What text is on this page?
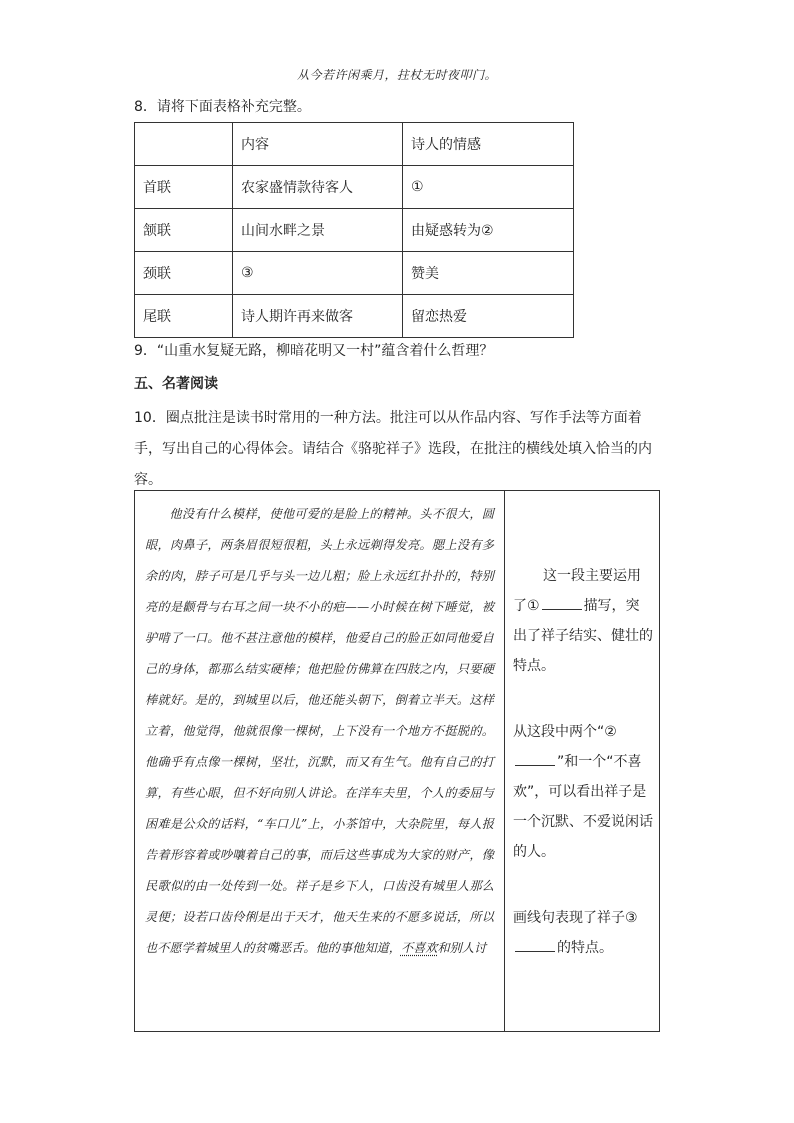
从今若许闲乘月，拄杖无时夜叩门。
8．请将下面表格补充完整。
	内容	诗人的情感
首联	农家盛情款待客人	①
颔联	山间水畔之景	由疑惑转为②
颈联	③	赞美
尾联	诗人期许再来做客	留恋热爱
9．“山重水复疑无路，柳暗花明又一村”蕴含着什么哲理？
五、名著阅读
10．圈点批注是读书时常用的一种方法。批注可以从作品内容、写作手法等方面着手，写出自己的心得体会。请结合《骆驼祥子》选段，在批注的横线处填入恰当的内容。
他没有什么模样，使他可爱的是脸上的精神。头不很大，圆眼，肉鼻子，两条眉很短很粗，头上永远剃得发亮。腮上没有多余的肉，脖子可是几乎与头一边儿粗；脸上永远红扑扑的，特别亮的是颧骨与右耳之间一块不小的疤——小时候在树下睡觉，被驴啃了一口。他不甚注意他的模样，他爱自己的脸正如同他爱自己的身体，都那么结实硬棒；他把脸仿佛算在四肢之内，只要硬棒就好。是的，到城里以后，他还能头朝下，倒着立半天。这样立着，他觉得，他就很像一棵树，上下没有一个地方不挺脱的。他确乎有点像一棵树，坚壮，沉默，而又有生气。他有自己的打算，有些心眼，但不好向别人讲论。在洋车夫里，个人的委屈与困难是公众的话料，“车口儿”上，小茶馆中，大杂院里，每人报告着形容着或吵嚷着自己的事，而后这些事成为大家的财产，像民歌似的由一处传到一处。祥子是乡下人，口齿没有城里人那么灵便；设若口齿伶俐是出于天才，他天生来的不愿多说话，所以也不愿学着城里人的贫嘴恶舌。他的事他知道，不喜欢和别人讨
这一段主要运用了①	描写，突出了祥子结实、健壮的特点。
从这段中两个“②”和一个“不喜欢”，可以看出祥子是一个沉默、不爱说闲话的人。
画线句表现了祥子③的特点。
